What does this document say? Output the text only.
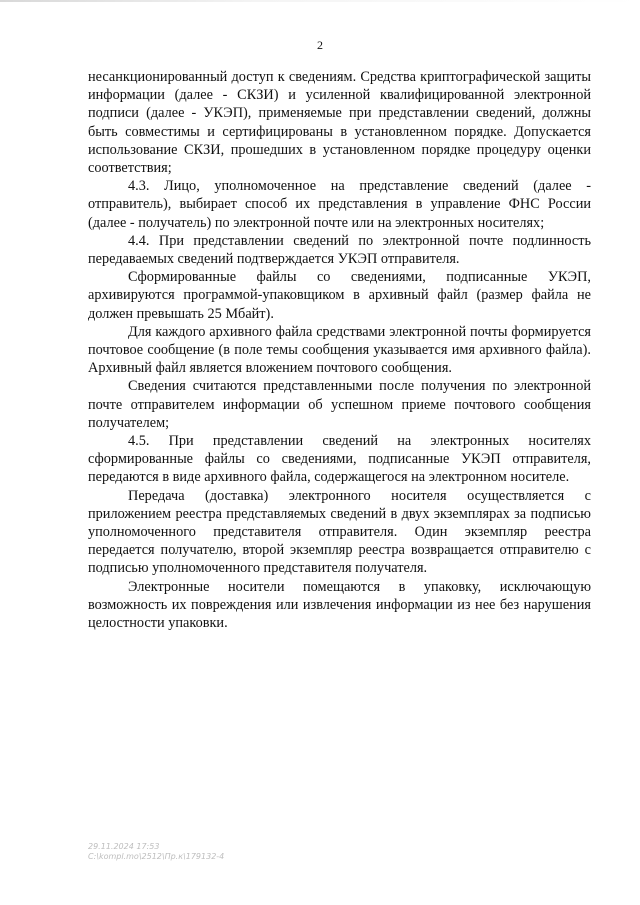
2

несанкционированный доступ к сведениям. Средства криптографической защиты информации (далее - СКЗИ) и усиленной квалифицированной электронной подписи (далее - УКЭП), применяемые при представлении сведений, должны быть совместимы и сертифицированы в установленном порядке. Допускается использование СКЗИ, прошедших в установленном порядке процедуру оценки соответствия;

4.3. Лицо, уполномоченное на представление сведений (далее - отправитель), выбирает способ их представления в управление ФНС России (далее - получатель) по электронной почте или на электронных носителях;

4.4. При представлении сведений по электронной почте подлинность передаваемых сведений подтверждается УКЭП отправителя.

Сформированные файлы со сведениями, подписанные УКЭП, архивируются программой-упаковщиком в архивный файл (размер файла не должен превышать 25 Мбайт).

Для каждого архивного файла средствами электронной почты формируется почтовое сообщение (в поле темы сообщения указывается имя архивного файла). Архивный файл является вложением почтового сообщения.

Сведения считаются представленными после получения по электронной почте отправителем информации об успешном приеме почтового сообщения получателем;

4.5. При представлении сведений на электронных носителях сформированные файлы со сведениями, подписанные УКЭП отправителя, передаются в виде архивного файла, содержащегося на электронном носителе.

Передача (доставка) электронного носителя осуществляется с приложением реестра представляемых сведений в двух экземплярах за подписью уполномоченного представителя отправителя. Один экземпляр реестра передается получателю, второй экземпляр реестра возвращается отправителю с подписью уполномоченного представителя получателя.

Электронные носители помещаются в упаковку, исключающую возможность их повреждения или извлечения информации из нее без нарушения целостности упаковки.

29.11.2024 17:53
C:\kompl.mo\2512\Пр.к\179132-4
